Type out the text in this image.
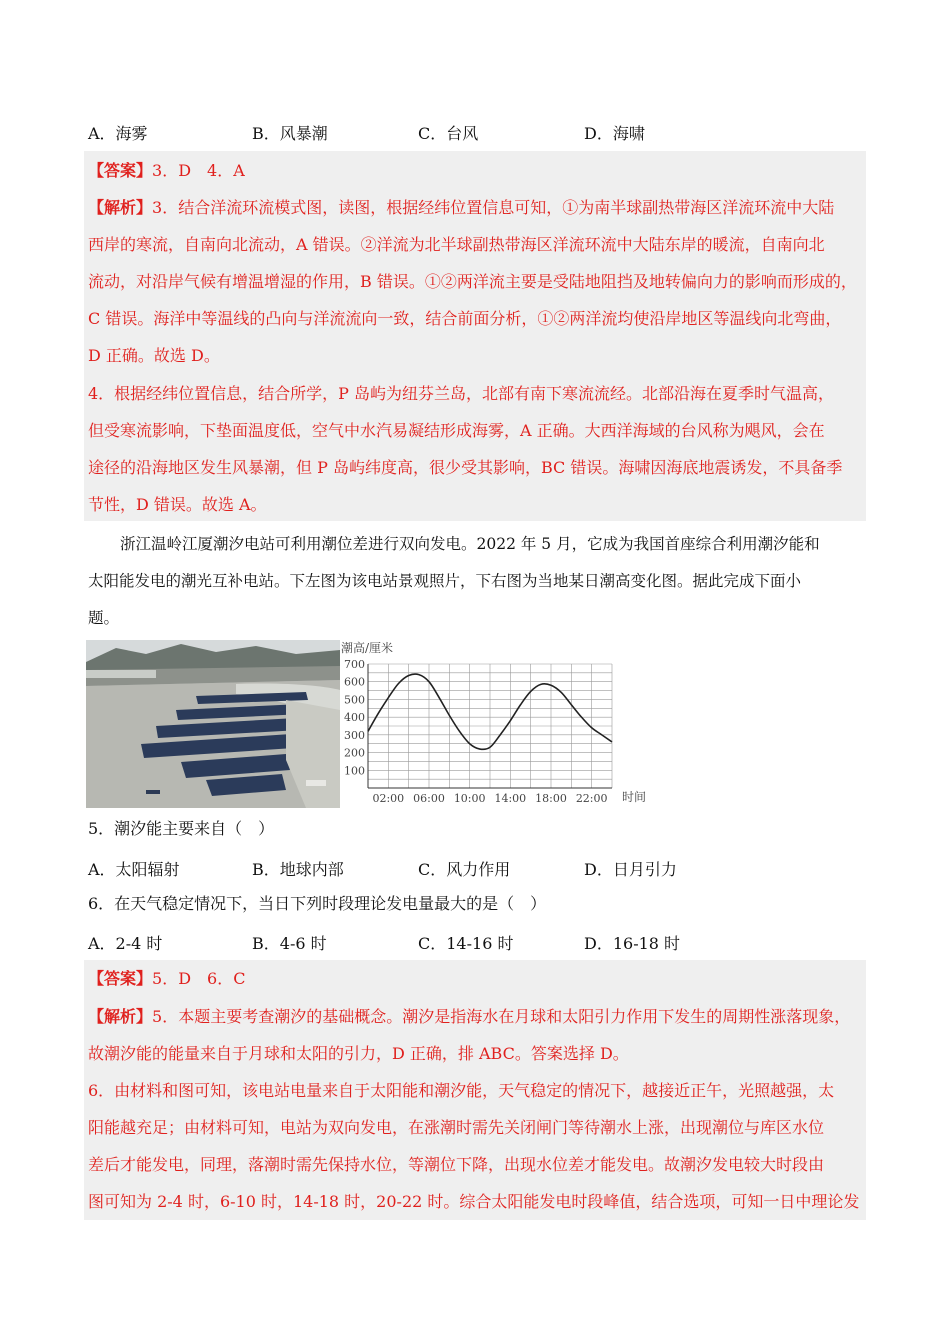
A．海雾	B．风暴潮	C．台风	D．海啸
【答案】3．D　4．A
【解析】3．结合洋流环流模式图，读图，根据经纬位置信息可知，①为南半球副热带海区洋流环流中大陆
西岸的寒流，自南向北流动，A 错误。②洋流为北半球副热带海区洋流环流中大陆东岸的暖流，自南向北
流动，对沿岸气候有增温增湿的作用，B 错误。①②两洋流主要是受陆地阻挡及地转偏向力的影响而形成的，
C 错误。海洋中等温线的凸向与洋流流向一致，结合前面分析，①②两洋流均使沿岸地区等温线向北弯曲，
D 正确。故选 D。
4．根据经纬位置信息，结合所学，P 岛屿为纽芬兰岛，北部有南下寒流流经。北部沿海在夏季时气温高，
但受寒流影响，下垫面温度低，空气中水汽易凝结形成海雾，A 正确。大西洋海域的台风称为飓风，会在
途径的沿海地区发生风暴潮，但 P 岛屿纬度高，很少受其影响，BC 错误。海啸因海底地震诱发，不具备季
节性，D 错误。故选 A。
浙江温岭江厦潮汐电站可利用潮位差进行双向发电。2022 年 5 月，它成为我国首座综合利用潮汐能和
太阳能发电的潮光互补电站。下左图为该电站景观照片，下右图为当地某日潮高变化图。据此完成下面小
题。
100
200
300
400
500
600
700
02:00 06:00 10:00 14:00 18:00 22:00
潮高/厘米
时间
5．潮汐能主要来自（　）
A．太阳辐射	B．地球内部	C．风力作用	D．日月引力
6．在天气稳定情况下，当日下列时段理论发电量最大的是（　）
A．2-4 时	B．4-6 时	C．14-16 时	D．16-18 时
【答案】5．D　6．C
【解析】5．本题主要考查潮汐的基础概念。潮汐是指海水在月球和太阳引力作用下发生的周期性涨落现象，
故潮汐能的能量来自于月球和太阳的引力，D 正确，排 ABC。答案选择 D。
6．由材料和图可知，该电站电量来自于太阳能和潮汐能，天气稳定的情况下，越接近正午，光照越强，太
阳能越充足；由材料可知，电站为双向发电，在涨潮时需先关闭闸门等待潮水上涨，出现潮位与库区水位
差后才能发电，同理，落潮时需先保持水位，等潮位下降，出现水位差才能发电。故潮汐发电较大时段由
图可知为 2-4 时，6-10 时，14-18 时，20-22 时。综合太阳能发电时段峰值，结合选项，可知一日中理论发
